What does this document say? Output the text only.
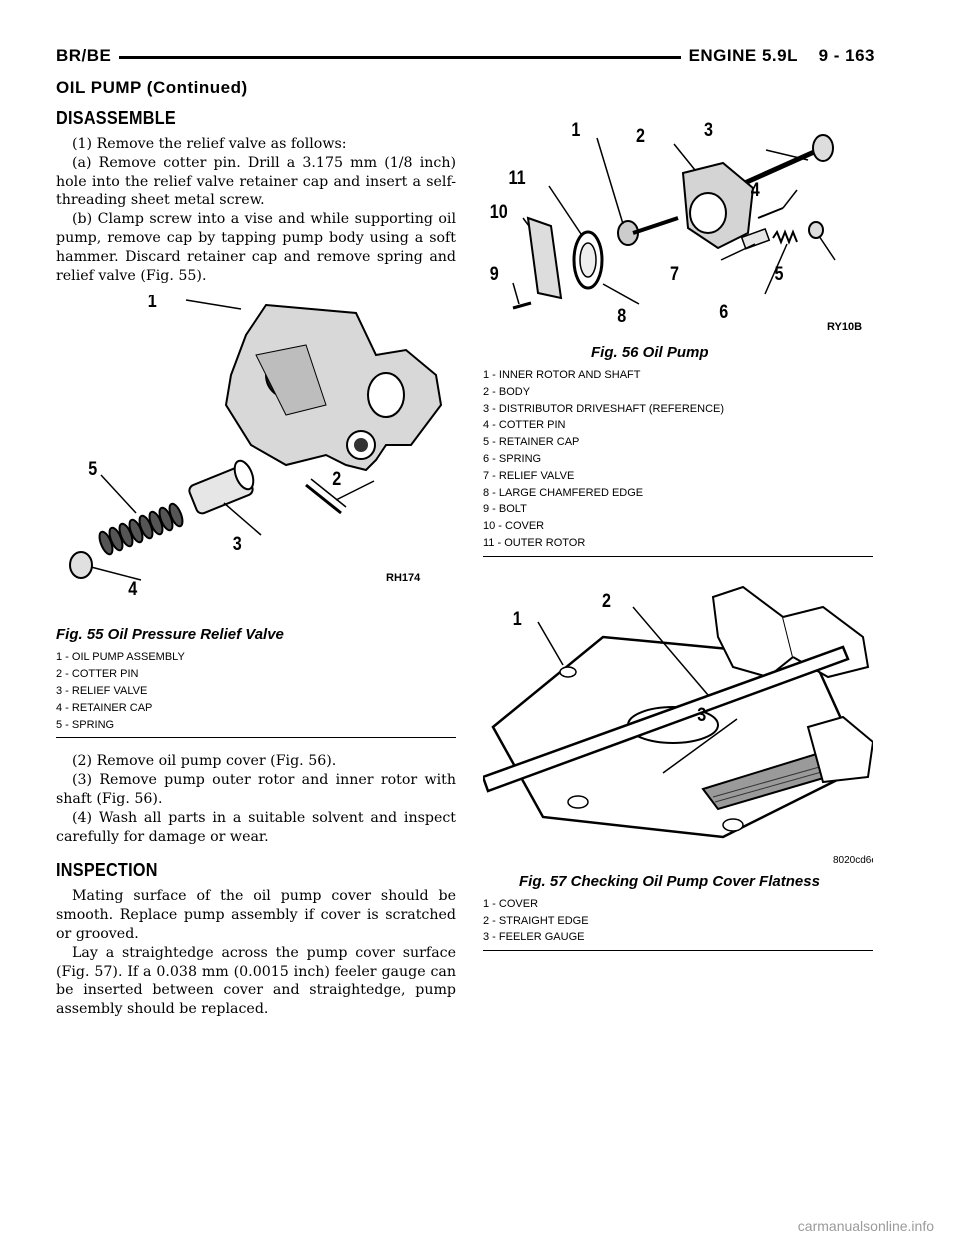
BR/BE	ENGINE 5.9L    9 - 163
OIL PUMP (Continued)
DISASSEMBLE

(1) Remove the relief valve as follows:

(a) Remove cotter pin. Drill a 3.175 mm (1/8 inch) hole into the relief valve retainer cap and insert a self-threading sheet metal screw.

(b) Clamp screw into a vise and while supporting oil pump, remove cap by tapping pump body using a soft hammer. Discard retainer cap and remove spring and relief valve (Fig. 55).

1
2
3
4
5
RH174
Fig. 55 Oil Pressure Relief Valve
1 - OIL PUMP ASSEMBLY
2 - COTTER PIN
3 - RELIEF VALVE
4 - RETAINER CAP
5 - SPRING

(2) Remove oil pump cover (Fig. 56).

(3) Remove pump outer rotor and inner rotor with shaft (Fig. 56).

(4) Wash all parts in a suitable solvent and inspect carefully for damage or wear.

INSPECTION

Mating surface of the oil pump cover should be smooth. Replace pump assembly if cover is scratched or grooved.

Lay a straightedge across the pump cover surface (Fig. 57). If a 0.038 mm (0.0015 inch) feeler gauge can be inserted between cover and straightedge, pump assembly should be replaced.

1	2	3
4
5
6
7
8
9
10
11
RY10B
Fig. 56 Oil Pump
1 - INNER ROTOR AND SHAFT
2 - BODY
3 - DISTRIBUTOR DRIVESHAFT (REFERENCE)
4 - COTTER PIN
5 - RETAINER CAP
6 - SPRING
7 - RELIEF VALVE
8 - LARGE CHAMFERED EDGE
9 - BOLT
10 - COVER
11 - OUTER ROTOR
1
2
3
8020cd6e
Fig. 57 Checking Oil Pump Cover Flatness
1 - COVER
2 - STRAIGHT EDGE
3 - FEELER GAUGE
carmanualsonline.info
